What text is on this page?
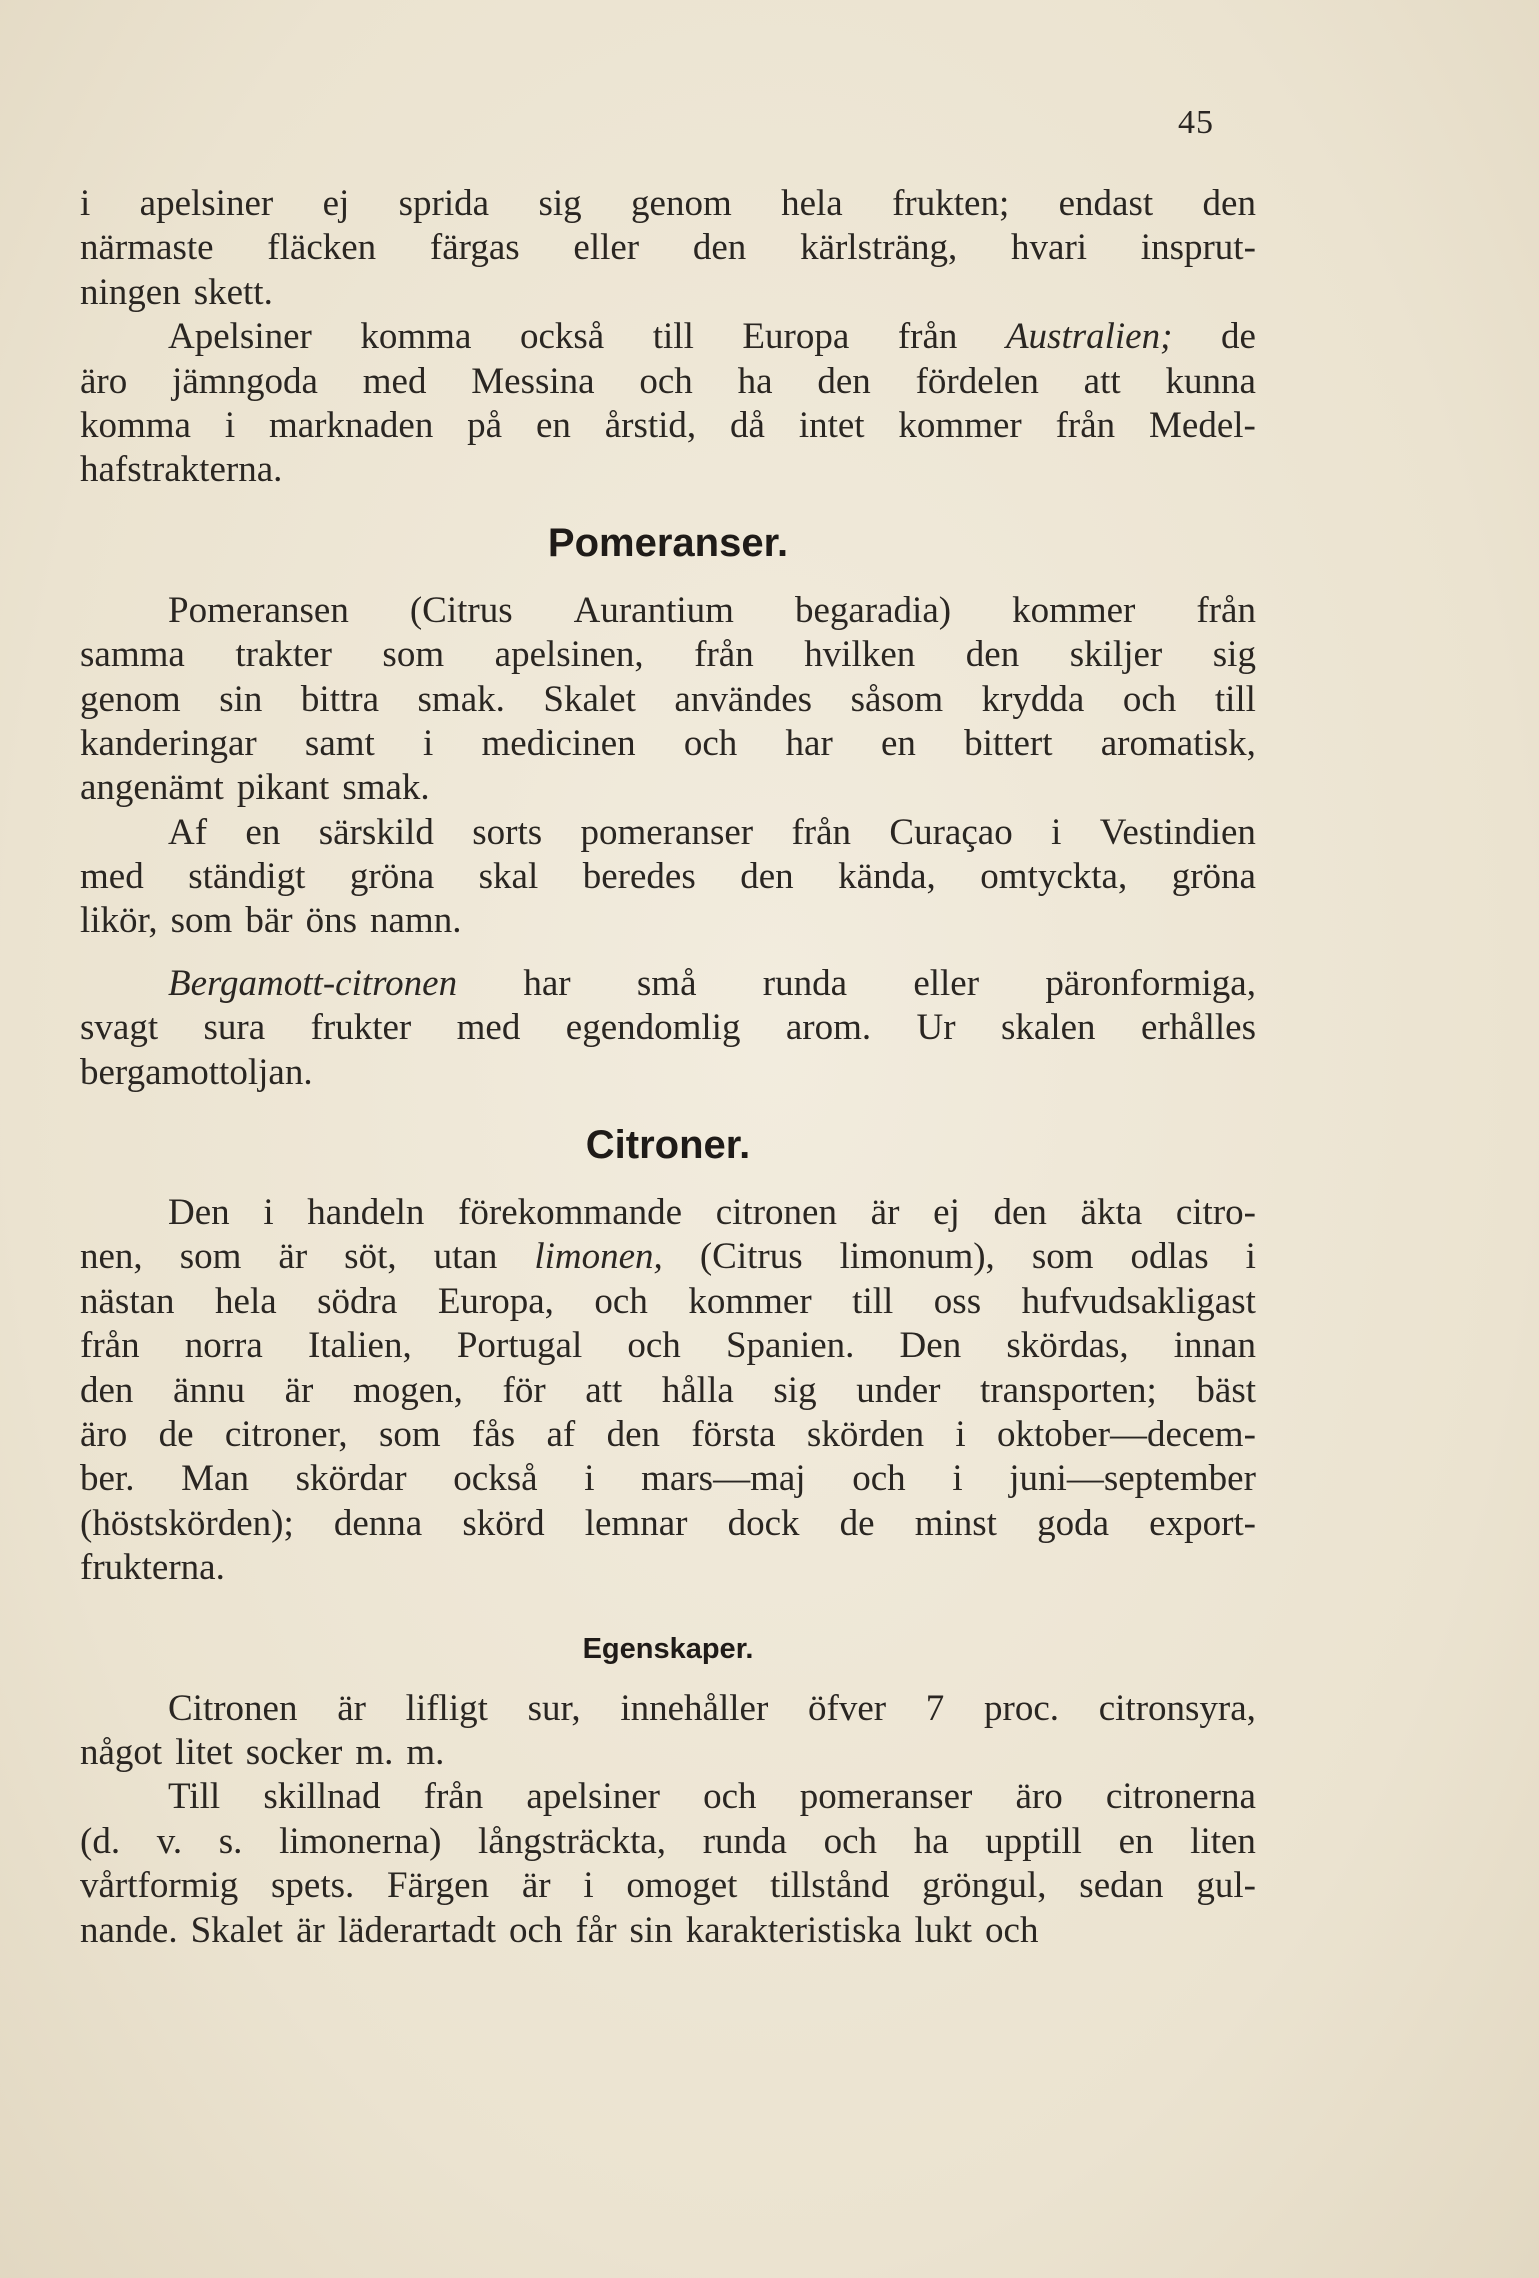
45
i apelsiner ej sprida sig genom hela frukten; endast den
närmaste fläcken färgas eller den kärlsträng, hvari insprut-
ningen skett.
Apelsiner komma också till Europa från Australien; de
äro jämngoda med Messina och ha den fördelen att kunna
komma i marknaden på en årstid, då intet kommer från Medel-
hafstrakterna.
Pomeranser.
Pomeransen (Citrus Aurantium begaradia) kommer från
samma trakter som apelsinen, från hvilken den skiljer sig
genom sin bittra smak. Skalet användes såsom krydda och till
kanderingar samt i medicinen och har en bittert aromatisk,
angenämt pikant smak.
Af en särskild sorts pomeranser från Curaçao i Vestindien
med ständigt gröna skal beredes den kända, omtyckta, gröna
likör, som bär öns namn.
Bergamott-citronen har små runda eller päronformiga,
svagt sura frukter med egendomlig arom. Ur skalen erhålles
bergamottoljan.
Citroner.
Den i handeln förekommande citronen är ej den äkta citro-
nen, som är söt, utan limonen, (Citrus limonum), som odlas i
nästan hela södra Europa, och kommer till oss hufvudsakligast
från norra Italien, Portugal och Spanien. Den skördas, innan
den ännu är mogen, för att hålla sig under transporten; bäst
äro de citroner, som fås af den första skörden i oktober—decem-
ber. Man skördar också i mars—maj och i juni—september
(höstskörden); denna skörd lemnar dock de minst goda export-
frukterna.
Egenskaper.
Citronen är lifligt sur, innehåller öfver 7 proc. citronsyra,
något litet socker m. m.
Till skillnad från apelsiner och pomeranser äro citronerna
(d. v. s. limonerna) långsträckta, runda och ha upptill en liten
vårtformig spets. Färgen är i omoget tillstånd gröngul, sedan gul-
nande. Skalet är läderartadt och får sin karakteristiska lukt och
